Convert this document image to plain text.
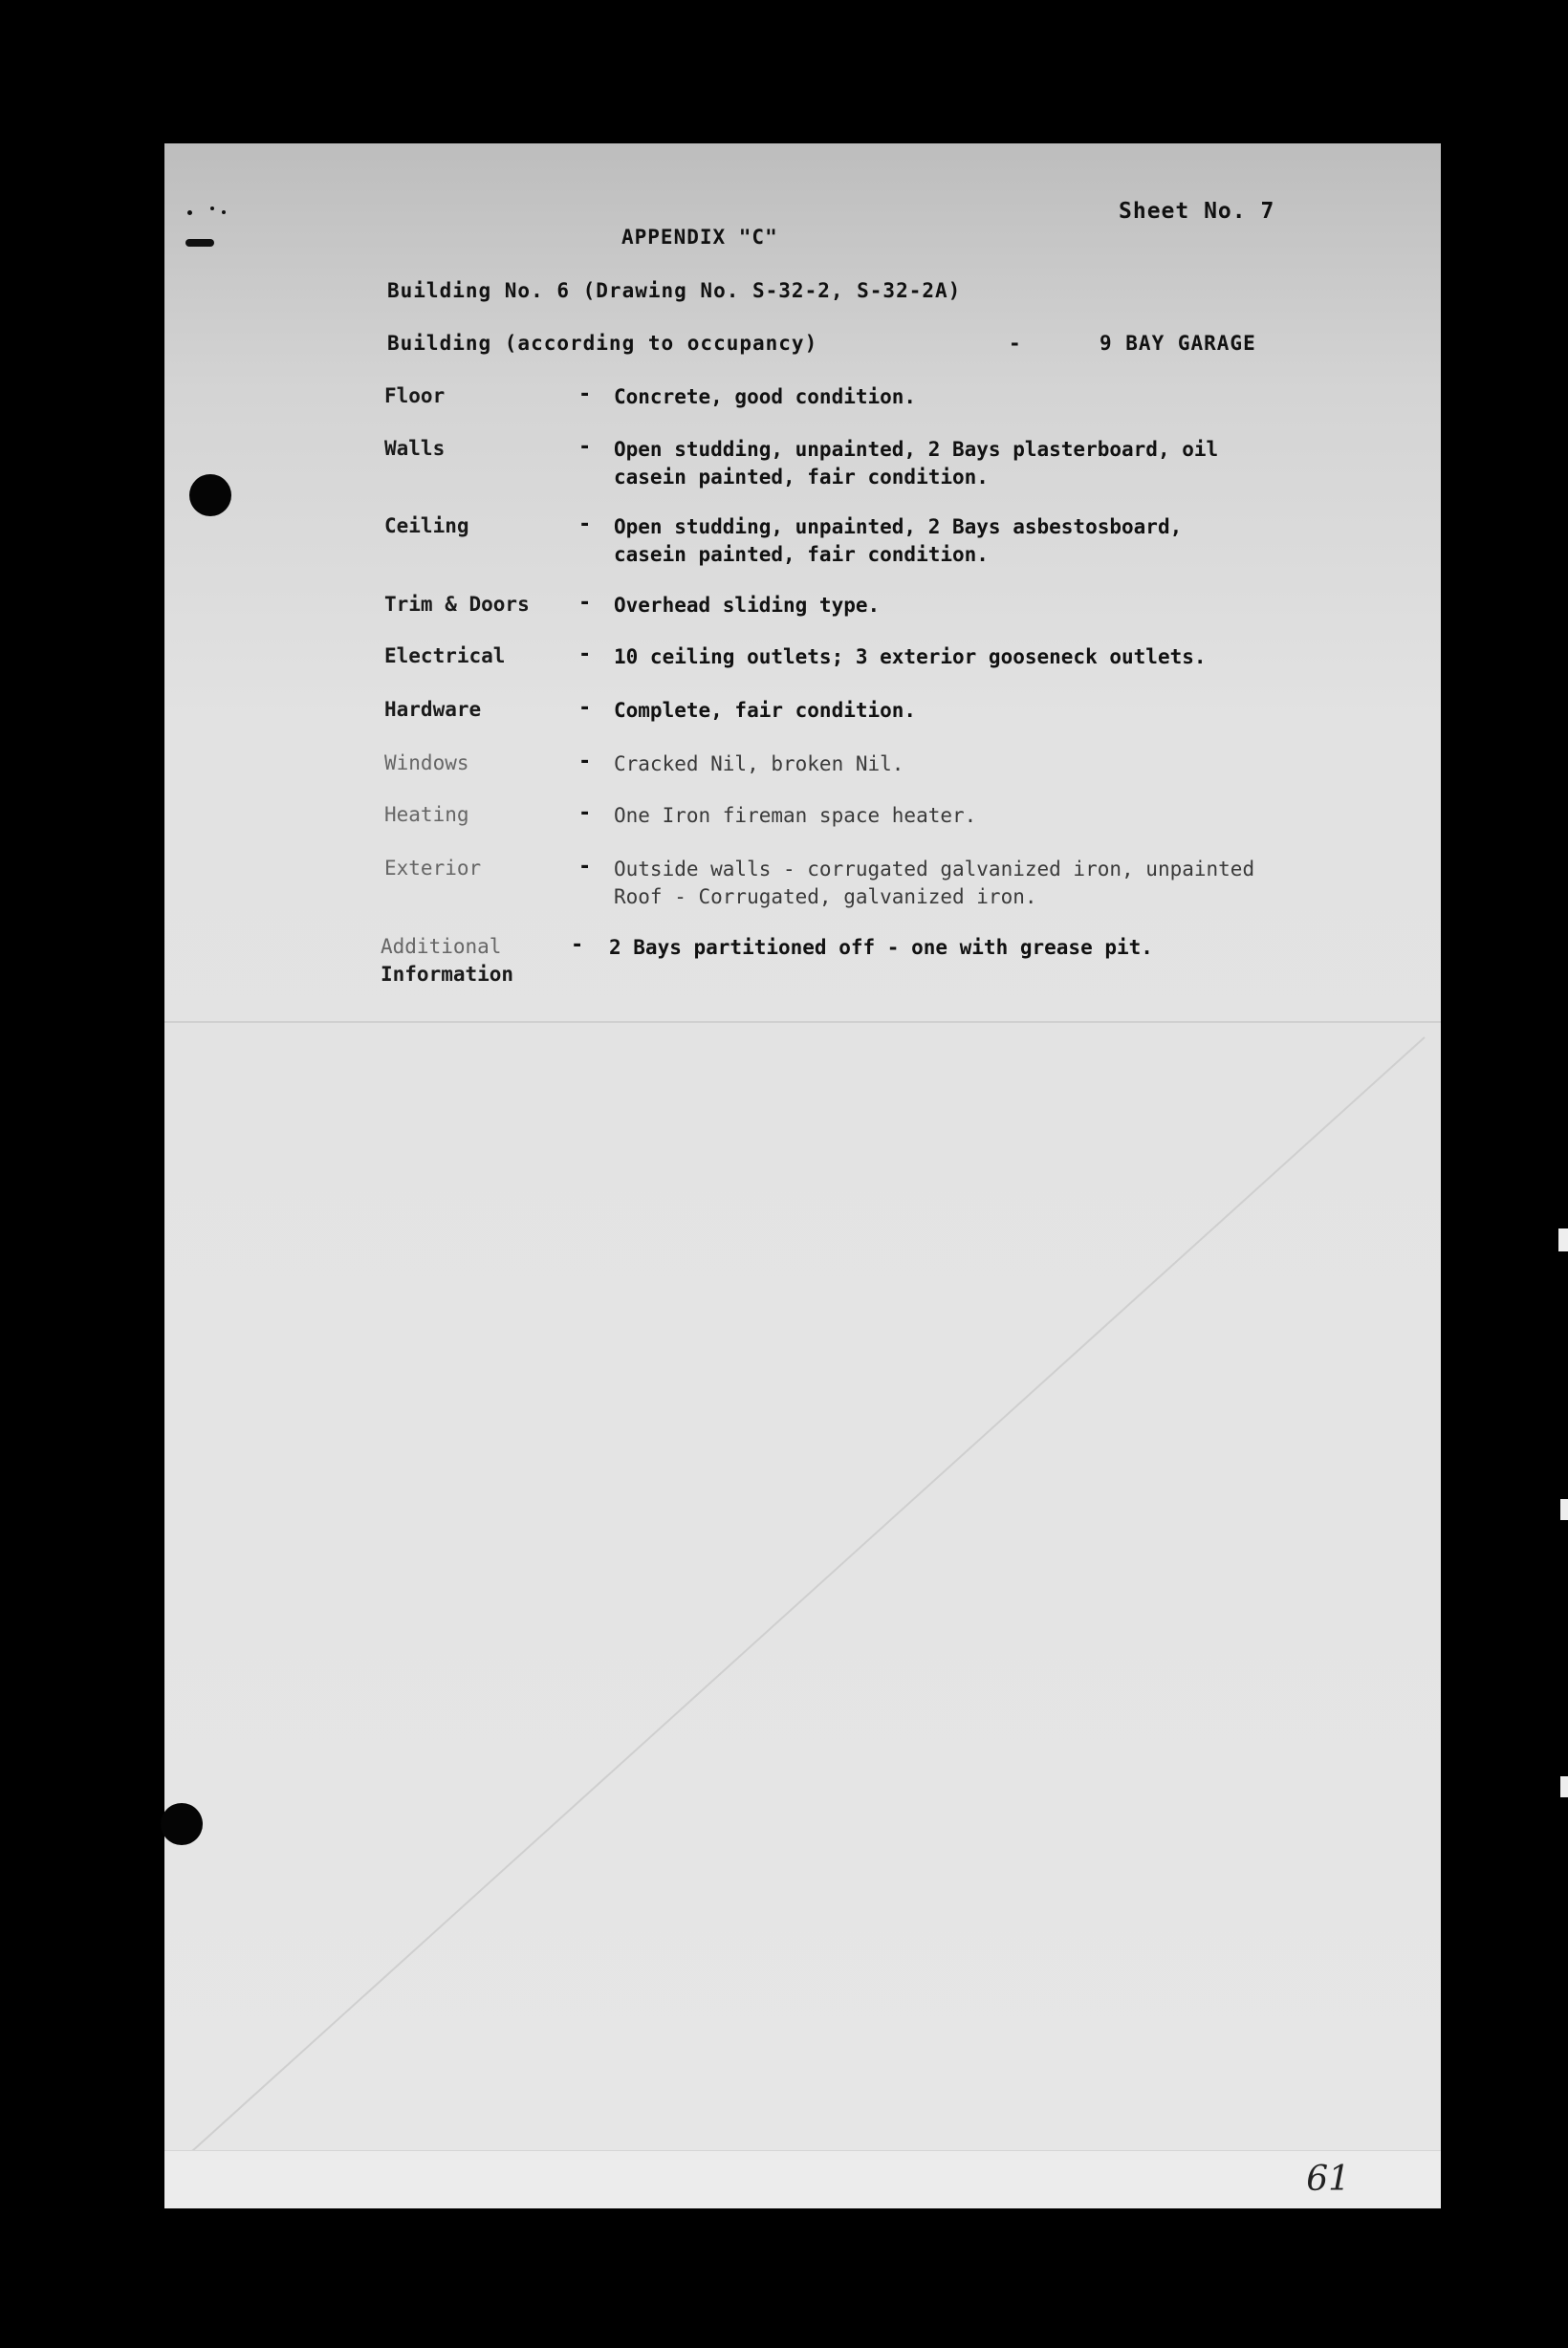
APPENDIX "C"
Sheet No. 7
Building No. 6 (Drawing No. S-32-2, S-32-2A)
Building (according to occupancy)	-	9 BAY GARAGE
Floor	- Concrete, good condition.
Walls	- Open studding, unpainted, 2 Bays plasterboard, oil
casein painted, fair condition.
Ceiling	- Open studding, unpainted, 2 Bays asbestosboard,
casein painted, fair condition.
Trim & Doors - Overhead sliding type.
Electrical	- 10 ceiling outlets; 3 exterior gooseneck outlets.
Hardware	- Complete, fair condition.
Windows	- Cracked Nil, broken Nil.
Heating	- One Iron fireman space heater.
Exterior	- Outside walls - corrugated galvanized iron, unpainted
Roof - Corrugated, galvanized iron.
Additional
Information
- 2 Bays partitioned off - one with grease pit.
61
